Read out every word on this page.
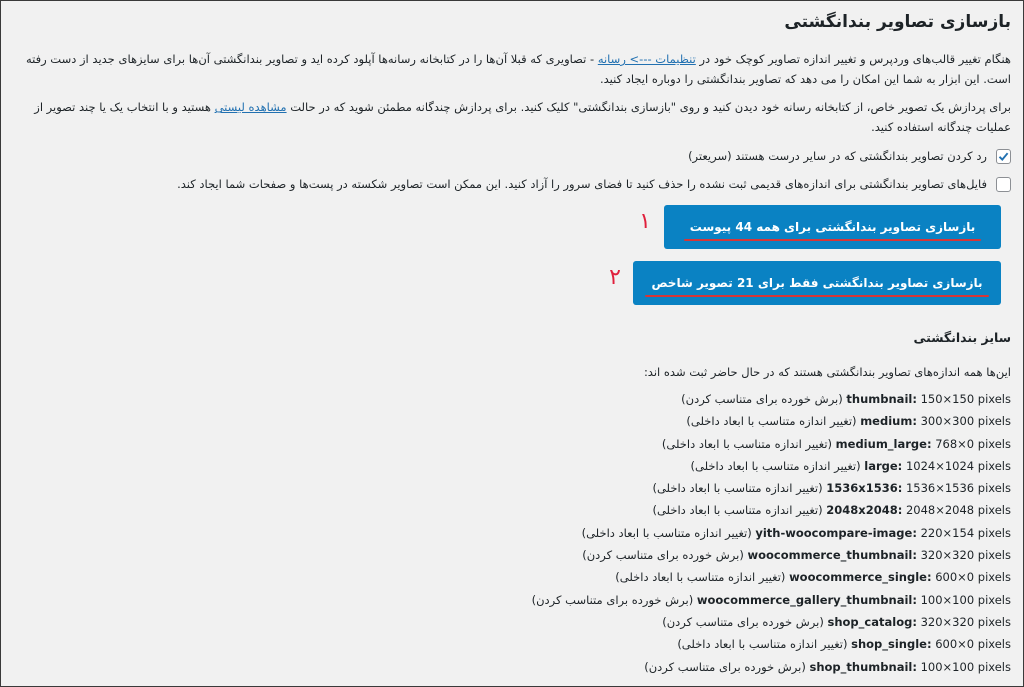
بازسازی تصاویر بندانگشتی

هنگام تغییر قالب‌های وردپرس و تغییر اندازه تصاویر کوچک خود در تنظیمات ---> رسانه - تصاویری که قبلا آن‌ها را در کتابخانه رسانه‌ها آپلود کرده اید و تصاویر بندانگشتی آن‌ها برای سایزهای جدید از دست رفته است. این ابزار به شما این امکان را می دهد که تصاویر بندانگشتی را دوباره ایجاد کنید.

برای پردازش یک تصویر خاص، از کتابخانه رسانه خود دیدن کنید و روی "بازسازی بندانگشتی" کلیک کنید. برای پردازش چندگانه مطمئن شوید که در حالت مشاهده لیستی هستید و با انتخاب یک یا چند تصویر از عملیات چندگانه استفاده کنید.

رد کردن تصاویر بندانگشتی که در سایر درست هستند (سریعتر)
فایل‌های تصاویر بندانگشتی برای اندازه‌های قدیمی ثبت نشده را حذف کنید تا فضای سرور را آزاد کنید. این ممکن است تصاویر شکسته در پست‌ها و صفحات شما ایجاد کند.
بازسازی تصاویر بندانگشتی برای همه 44 پیوست
۱
بازسازی تصاویر بندانگشتی فقط برای 21 تصویر شاخص
۲
سایز بندانگشتی

این‌ها همه اندازه‌های تصاویر بندانگشتی هستند که در حال حاضر ثبت شده اند:

150×150 pixels thumbnail: (برش خورده برای متناسب کردن)
300×300 pixels medium: (تغییر اندازه متناسب با ابعاد داخلی)
768×0 pixels medium_large: (تغییر اندازه متناسب با ابعاد داخلی)
1024×1024 pixels large: (تغییر اندازه متناسب با ابعاد داخلی)
1536×1536 pixels 1536x1536: (تغییر اندازه متناسب با ابعاد داخلی)
2048×2048 pixels 2048x2048: (تغییر اندازه متناسب با ابعاد داخلی)
220×154 pixels yith-woocompare-image: (تغییر اندازه متناسب با ابعاد داخلی)
320×320 pixels woocommerce_thumbnail: (برش خورده برای متناسب کردن)
600×0 pixels woocommerce_single: (تغییر اندازه متناسب با ابعاد داخلی)
100×100 pixels woocommerce_gallery_thumbnail: (برش خورده برای متناسب کردن)
320×320 pixels shop_catalog: (برش خورده برای متناسب کردن)
600×0 pixels shop_single: (تغییر اندازه متناسب با ابعاد داخلی)
100×100 pixels shop_thumbnail: (برش خورده برای متناسب کردن)
